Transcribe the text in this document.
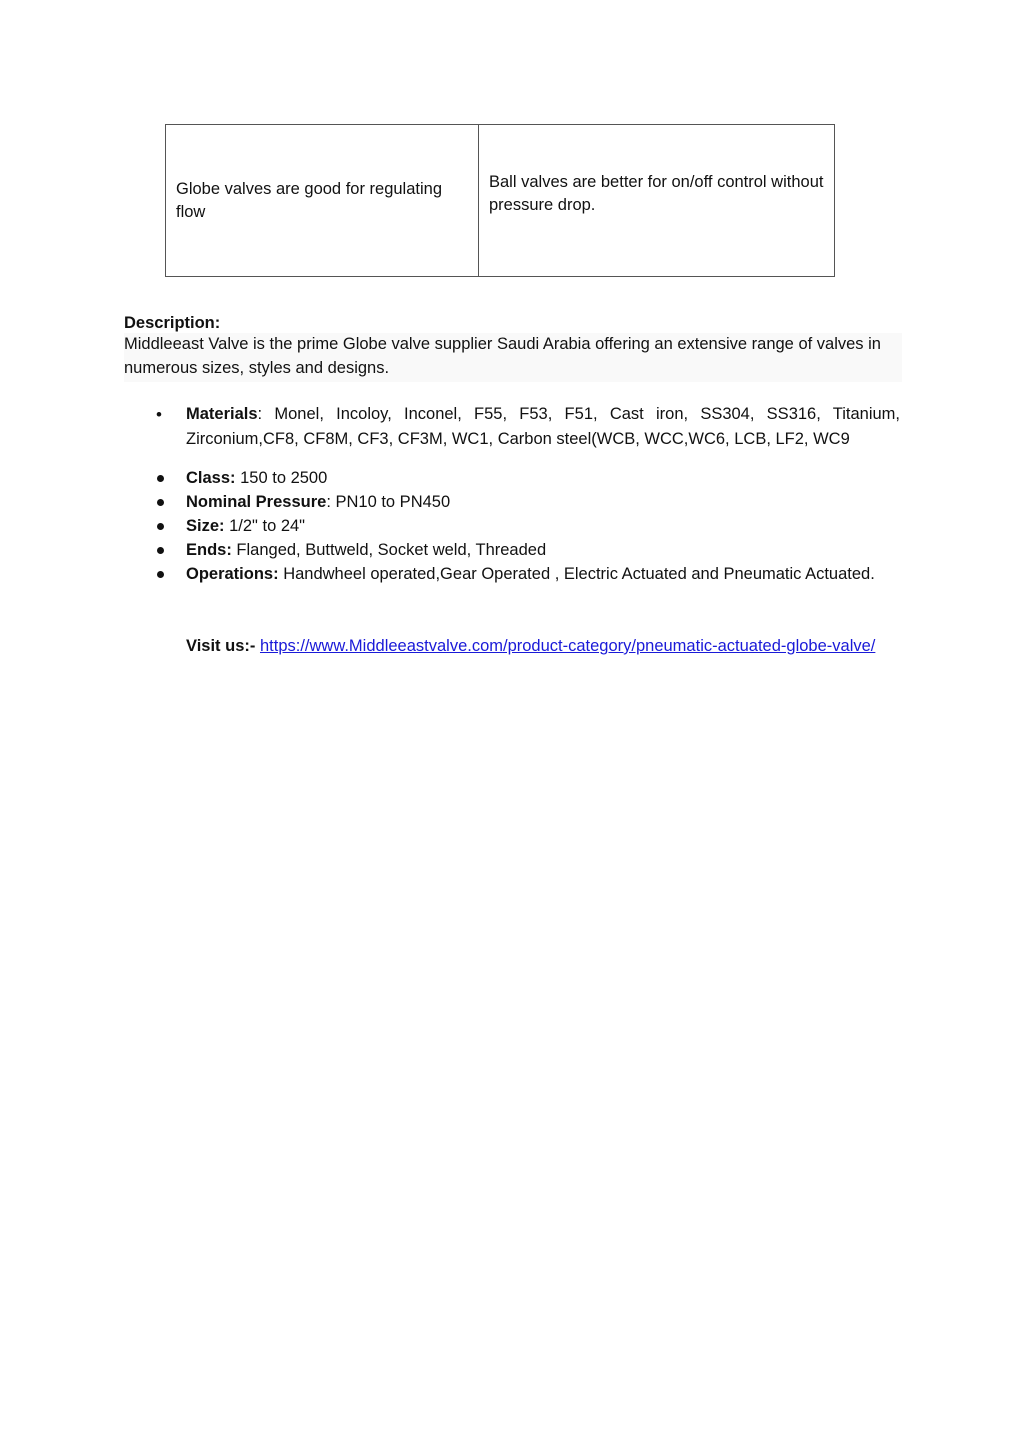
Globe valves are good for regulating flow	Ball valves are better for on/off control without pressure drop.
Description:
Middleeast Valve is the prime Globe valve supplier Saudi Arabia offering an extensive range of valves in numerous sizes, styles and designs.
• Materials: Monel, Incoloy, Inconel, F55, F53, F51, Cast iron, SS304, SS316, Titanium, Zirconium,CF8, CF8M, CF3, CF3M, WC1, Carbon steel(WCB, WCC,WC6, LCB, LF2, WC9
Class: 150 to 2500
Nominal Pressure: PN10 to PN450
Size: 1/2" to 24"
Ends: Flanged, Buttweld, Socket weld, Threaded
Operations: Handwheel operated,Gear Operated , Electric Actuated and Pneumatic Actuated.
Visit us:- https://www.Middleeastvalve.com/product-category/pneumatic-actuated-globe-valve/
